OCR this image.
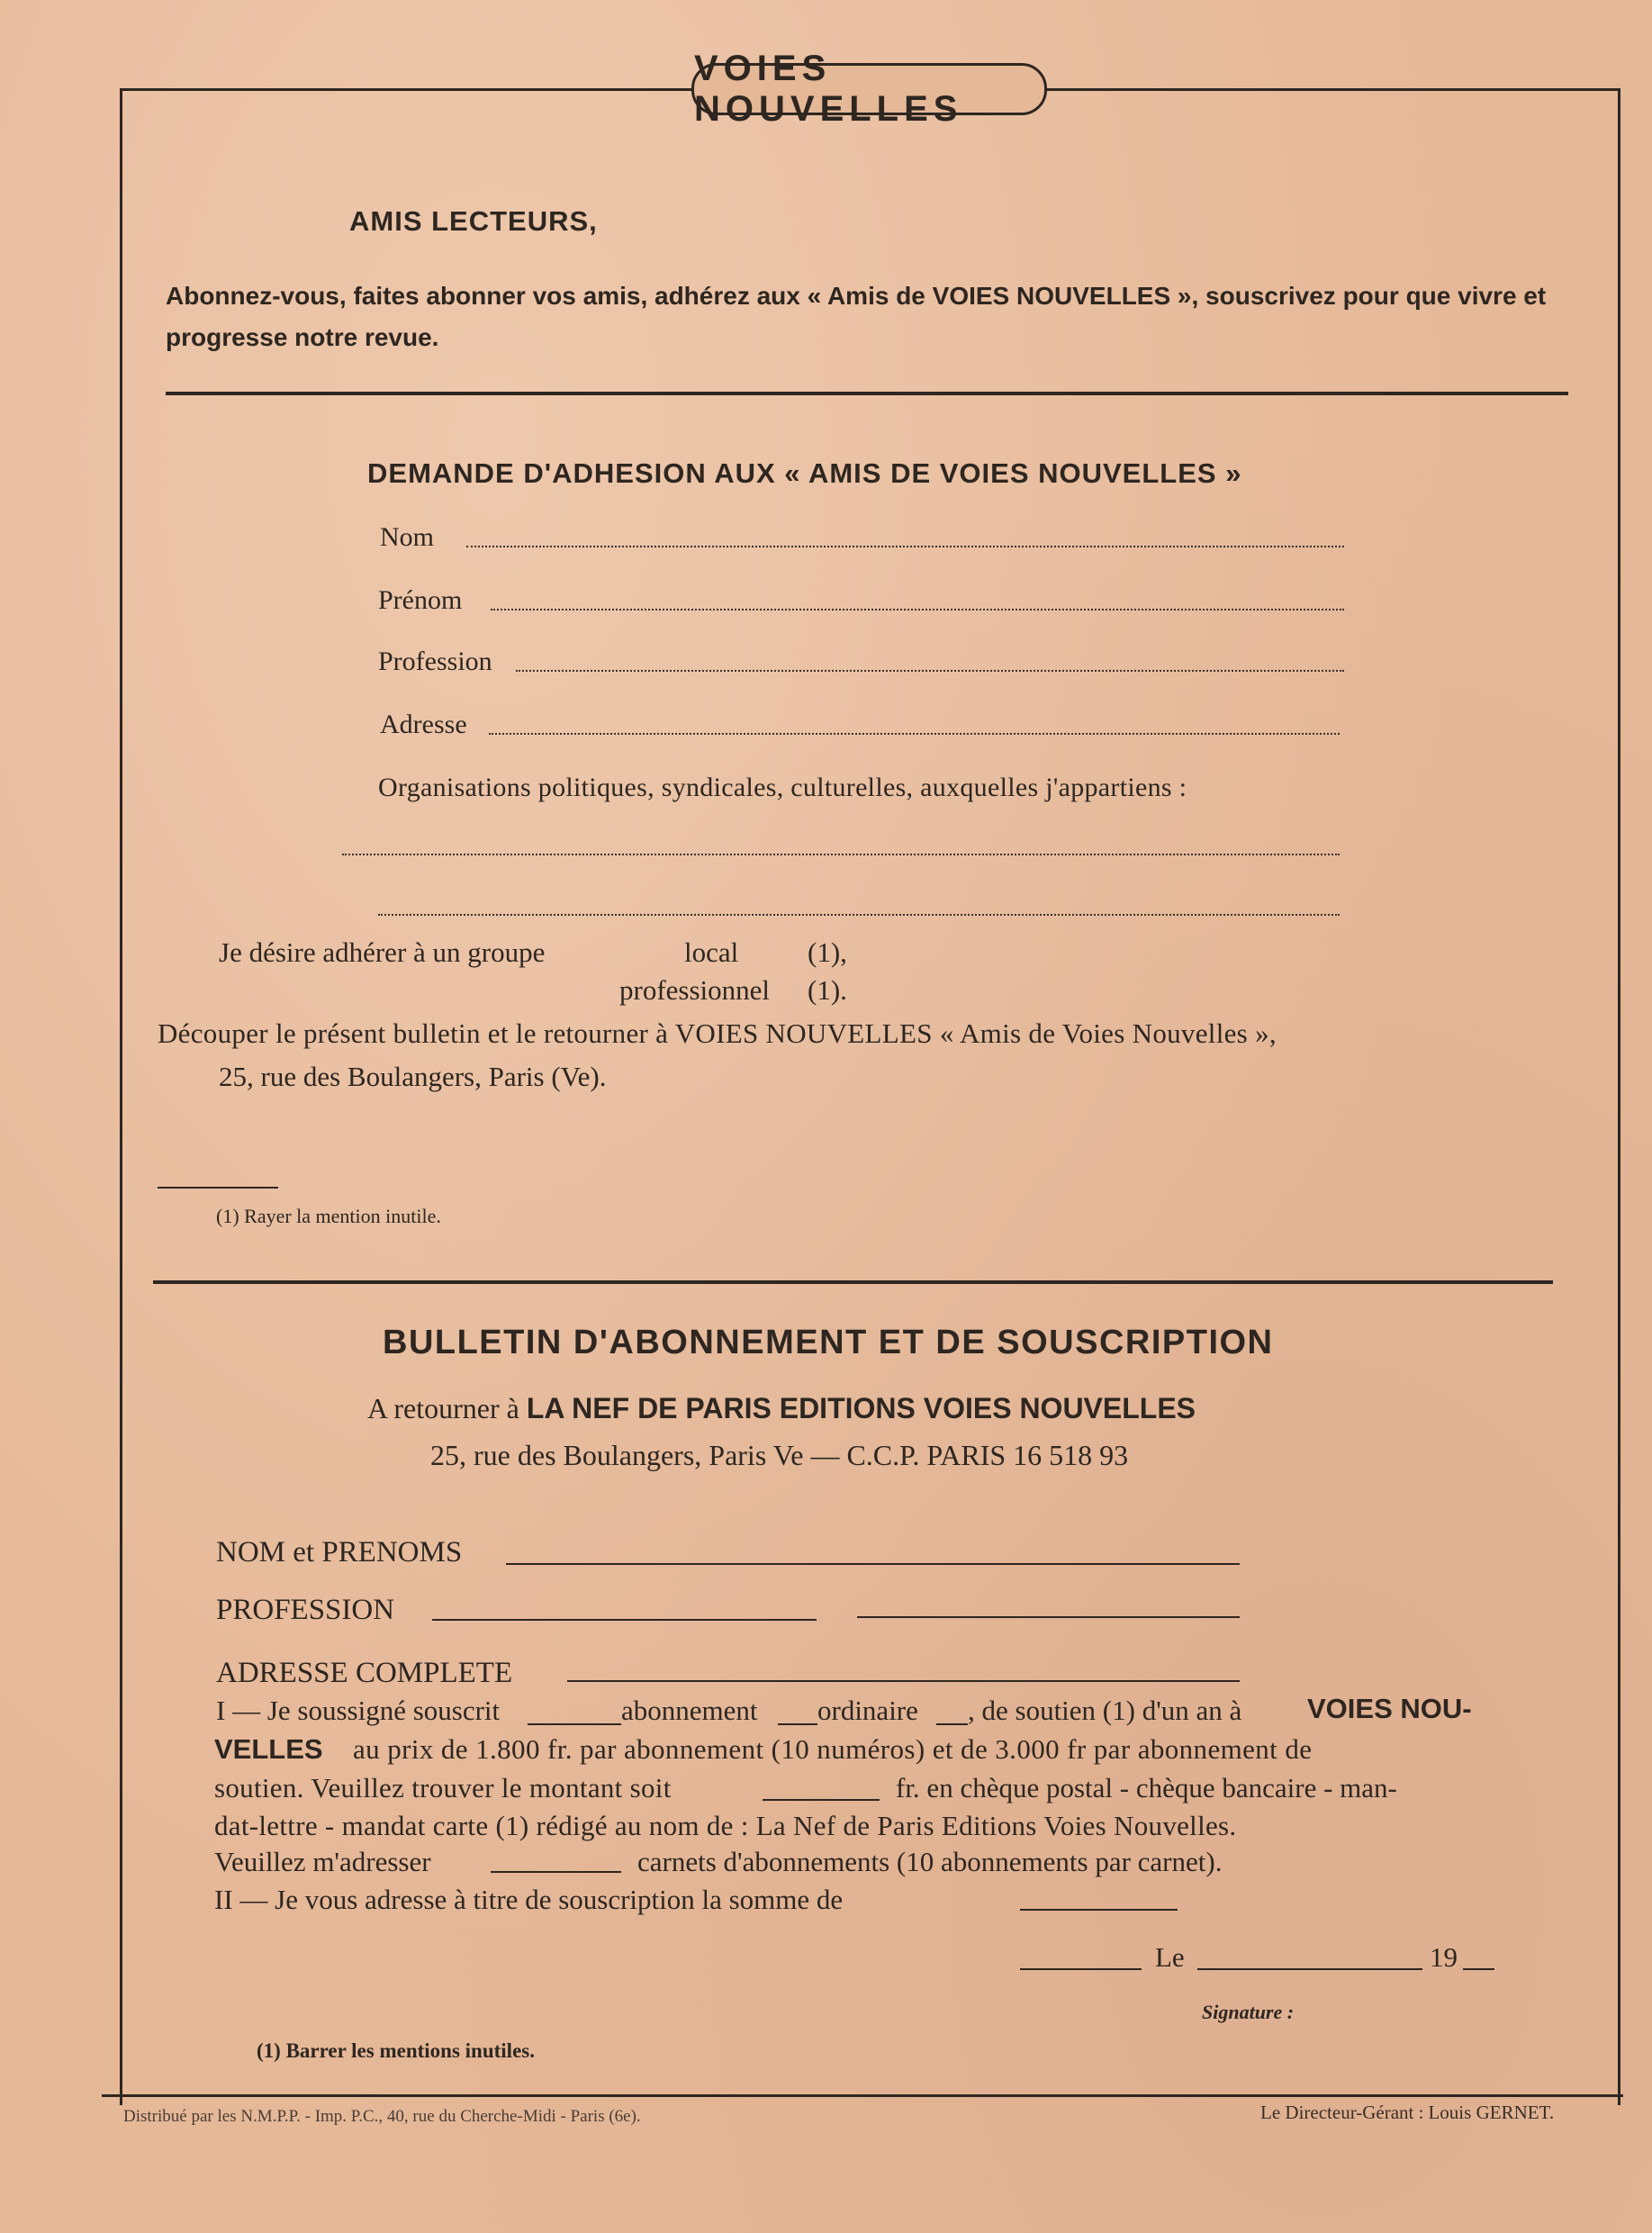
VOIES NOUVELLES
AMIS LECTEURS,
Abonnez-vous, faites abonner vos amis, adhérez aux « Amis de VOIES NOUVELLES », souscrivez pour que vivre et progresse notre revue.
DEMANDE D'ADHESION AUX « AMIS DE VOIES NOUVELLES »
Nom
Prénom
Profession
Adresse
Organisations politiques, syndicales, culturelles, auxquelles j'appartiens :
Je désire adhérer à un groupe	local (1),
professionnel (1).
Découper le présent bulletin et le retourner à VOIES NOUVELLES « Amis de Voies Nouvelles »,
25, rue des Boulangers, Paris (Ve).
(1) Rayer la mention inutile.
BULLETIN D'ABONNEMENT ET DE SOUSCRIPTION
A retourner à LA NEF DE PARIS EDITIONS VOIES NOUVELLES
25, rue des Boulangers, Paris Ve — C.C.P. PARIS 16 518 93
NOM et PRENOMS
PROFESSION
ADRESSE COMPLETE
I — Je soussigné souscrit	abonnement ordinaire , de soutien (1) d'un an à VOIES NOU-
VELLES au prix de 1.800 fr. par abonnement (10 numéros) et de 3.000 fr par abonnement de
soutien. Veuillez trouver le montant soit	fr. en chèque postal - chèque bancaire - man-
dat-lettre - mandat carte (1) rédigé au nom de : La Nef de Paris Editions Voies Nouvelles.
Veuillez m'adresser	carnets d'abonnements (10 abonnements par carnet).
II — Je vous adresse à titre de souscription la somme de
Le	19
Signature :
(1) Barrer les mentions inutiles.
Distribué par les N.M.P.P. - Imp. P.C., 40, rue du Cherche-Midi - Paris (6e).	Le Directeur-Gérant : Louis GERNET.
